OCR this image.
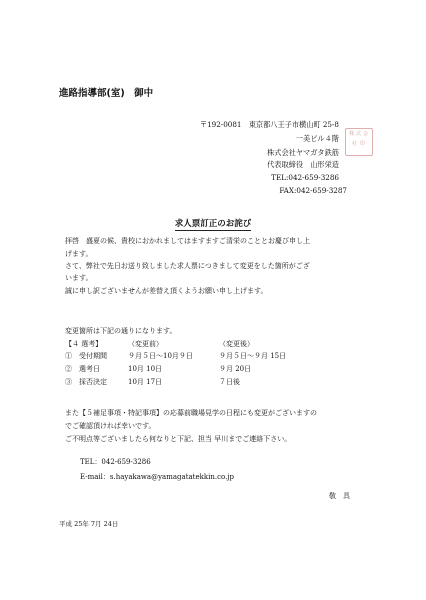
進路指導部(室)　御中
〒192-0081　東京都八王子市横山町 25-8
一美ビル４階
株式会社ヤマガタ鉄筋
代表取締役　山形栄造
TEL:042-659-3286
FAX:042-659-3287
株 式 会
社 印
求人票訂正のお詫び
拝啓　盛夏の候、貴校におかれましてはますますご清栄のこととお慶び申し上
げます。
さて、弊社で先日お送り致しました求人票につきまして変更をした箇所がござ
います。
誠に申し訳ございませんが差替え頂くようお願い申し上げます。
変更箇所は下記の通りになります。
【４ 選考】	（変更前）	（変更後）
①　受付期間	９月５日～10月９日	９月５日～９月 15日
②　選考日	10月 10日	９月 20日
③　採否決定	10月 17日	７日後
また【５補足事項・特記事項】の応募前職場見学の日程にも変更がございますの
でご確認頂ければ幸いです。
ご不明点等ございましたら何なりと下記、担当 早川までご連絡下さい。
TEL：042-659-3286
E-mail：s.hayakawa@yamagatatekkin.co.jp
敬　具
平成 25年 7月 24日
